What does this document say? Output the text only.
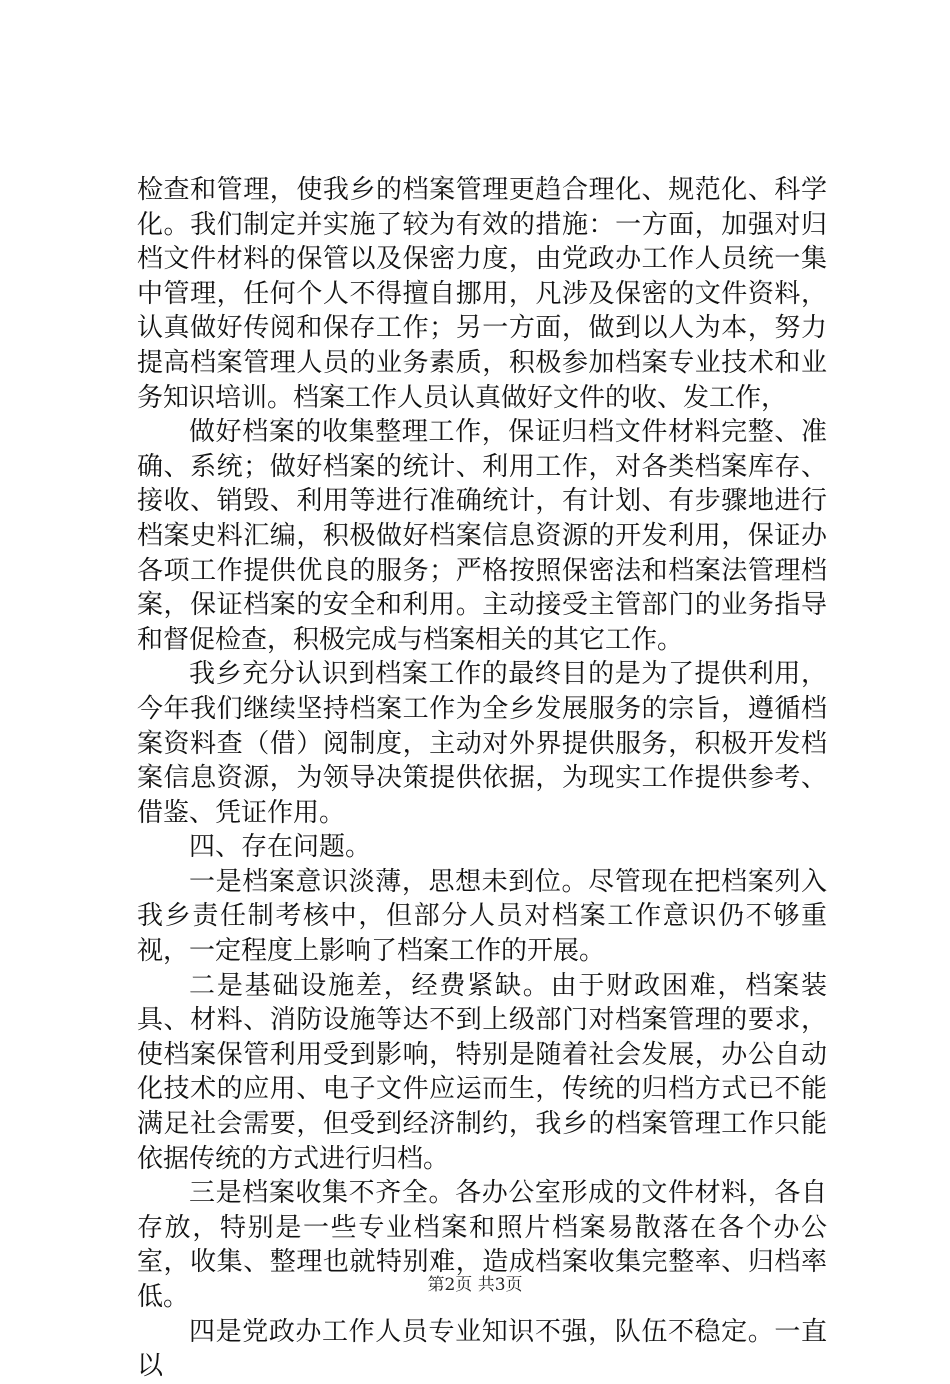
检查和管理，使我乡的档案管理更趋合理化、规范化、科学化。我们制定并实施了较为有效的措施：一方面，加强对归档文件材料的保管以及保密力度，由党政办工作人员统一集中管理，任何个人不得擅自挪用，凡涉及保密的文件资料，认真做好传阅和保存工作；另一方面，做到以人为本，努力提高档案管理人员的业务素质，积极参加档案专业技术和业务知识培训。档案工作人员认真做好文件的收、发工作，

做好档案的收集整理工作，保证归档文件材料完整、准确、系统；做好档案的统计、利用工作，对各类档案库存、接收、销毁、利用等进行准确统计，有计划、有步骤地进行档案史料汇编，积极做好档案信息资源的开发利用，保证办各项工作提供优良的服务；严格按照保密法和档案法管理档案，保证档案的安全和利用。主动接受主管部门的业务指导和督促检查，积极完成与档案相关的其它工作。

我乡充分认识到档案工作的最终目的是为了提供利用，今年我们继续坚持档案工作为全乡发展服务的宗旨，遵循档案资料查（借）阅制度，主动对外界提供服务，积极开发档案信息资源，为领导决策提供依据，为现实工作提供参考、借鉴、凭证作用。

四、存在问题。

一是档案意识淡薄，思想未到位。尽管现在把档案列入我乡责任制考核中，但部分人员对档案工作意识仍不够重视，一定程度上影响了档案工作的开展。

二是基础设施差，经费紧缺。由于财政困难，档案装具、材料、消防设施等达不到上级部门对档案管理的要求，使档案保管利用受到影响，特别是随着社会发展，办公自动化技术的应用、电子文件应运而生，传统的归档方式已不能满足社会需要，但受到经济制约，我乡的档案管理工作只能依据传统的方式进行归档。

三是档案收集不齐全。各办公室形成的文件材料，各自存放，特别是一些专业档案和照片档案易散落在各个办公室，收集、整理也就特别难，造成档案收集完整率、归档率低。

四是党政办工作人员专业知识不强，队伍不稳定。一直以

第2页 共3页
